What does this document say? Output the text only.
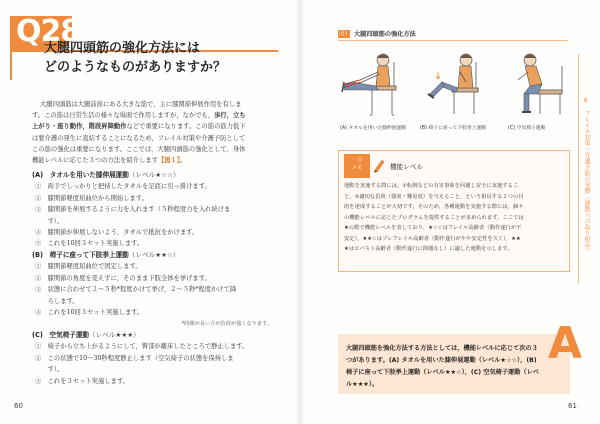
Q28
大腿四頭筋の強化方法には
どのようなものがありますか？
大腿四頭筋は大腿前面にある大きな筋で，主に膝関節伸展作用を有しま
す。この筋は日常生活の様々な場面で作用しますが，なかでも，歩行，立ち
上がり・座り動作，階段昇降動作などで重要になります。この筋の筋力低下
は要介護の発生に直結することになるため，フレイル対策や介護予防として
この筋の強化は重要になります。ここでは，大腿四頭筋の強化として，身体
機能レベルに応じた３つの方法を紹介します【図１】。
(A)　タオルを用いた膝伸展運動（レベル★☆☆）
①　両手でしっかりと把持したタオルを足底に引っ掛けます。
②　膝関節軽度屈曲位から開始します。
③　膝関節を伸展するように力を入れます（５秒程度力を入れ続けま
　　す）。
④　膝関節が伸展しないよう，タオルで抵抗をかけます。
⑤　これを10回３セット実施します。
(B)　椅子に座って下肢挙上運動（レベル★★☆）
①　膝関節軽度屈曲位で固定します。
②　膝関節の角度を変えずに，そのまま下肢全体を挙げます。
③　状態に合わせて２〜５秒*程度かけて挙げ，２〜５秒*程度かけて降
　　ろします。
④　これを10回３セット実施します。
*時間が長い方が負荷が強くなります。
(C)　空気椅子運動（レベル★★★）
①　椅子から立ち上がるようにして，臀部が離床したところで静止します。
②　この状態で10〜30秒程度静止します（空気椅子の状態を保持しま
　　す）。
③　これを３セット実施します。
60
図１ 大腿四頭筋の強化方法
(A) タオルを用いた膝伸展運動	(B) 椅子に座って下肢挙上運動	(C) 空気椅子運動
一言
メモ	機能レベル
運動を実施する際には，①転倒などの有害事象を回避し安全に実施するこ
と，②適切な負荷（強度・難易度）を与えること，という相反する２つの目
的を達成することが大切です。そのため，各種運動を実施する際には，個々
の機能レベルに応じたプログラムを提供することが求められます。ここでは
★の数で機能レベルを表しており，★☆☆はフレイル高齢者（動作遂行が不
安定），★★☆はプレフレイル高齢者（動作遂行がやや安定性を欠く），★★
★はロバスト高齢者（動作遂行に問題なし）に適した運動を示します。
Ⅲ
フレイル対策・介護予防の実際〈運動への取り組み〉
A
大腿四頭筋を強化方法する方法としては，機能レベルに応じて次の３
つがあります。(A) タオルを用いた膝伸展運動（レベル★☆☆），(B)
椅子に座って下肢挙上運動（レベル★★☆），(C) 空気椅子運動（レベ
ル★★★）。
61
